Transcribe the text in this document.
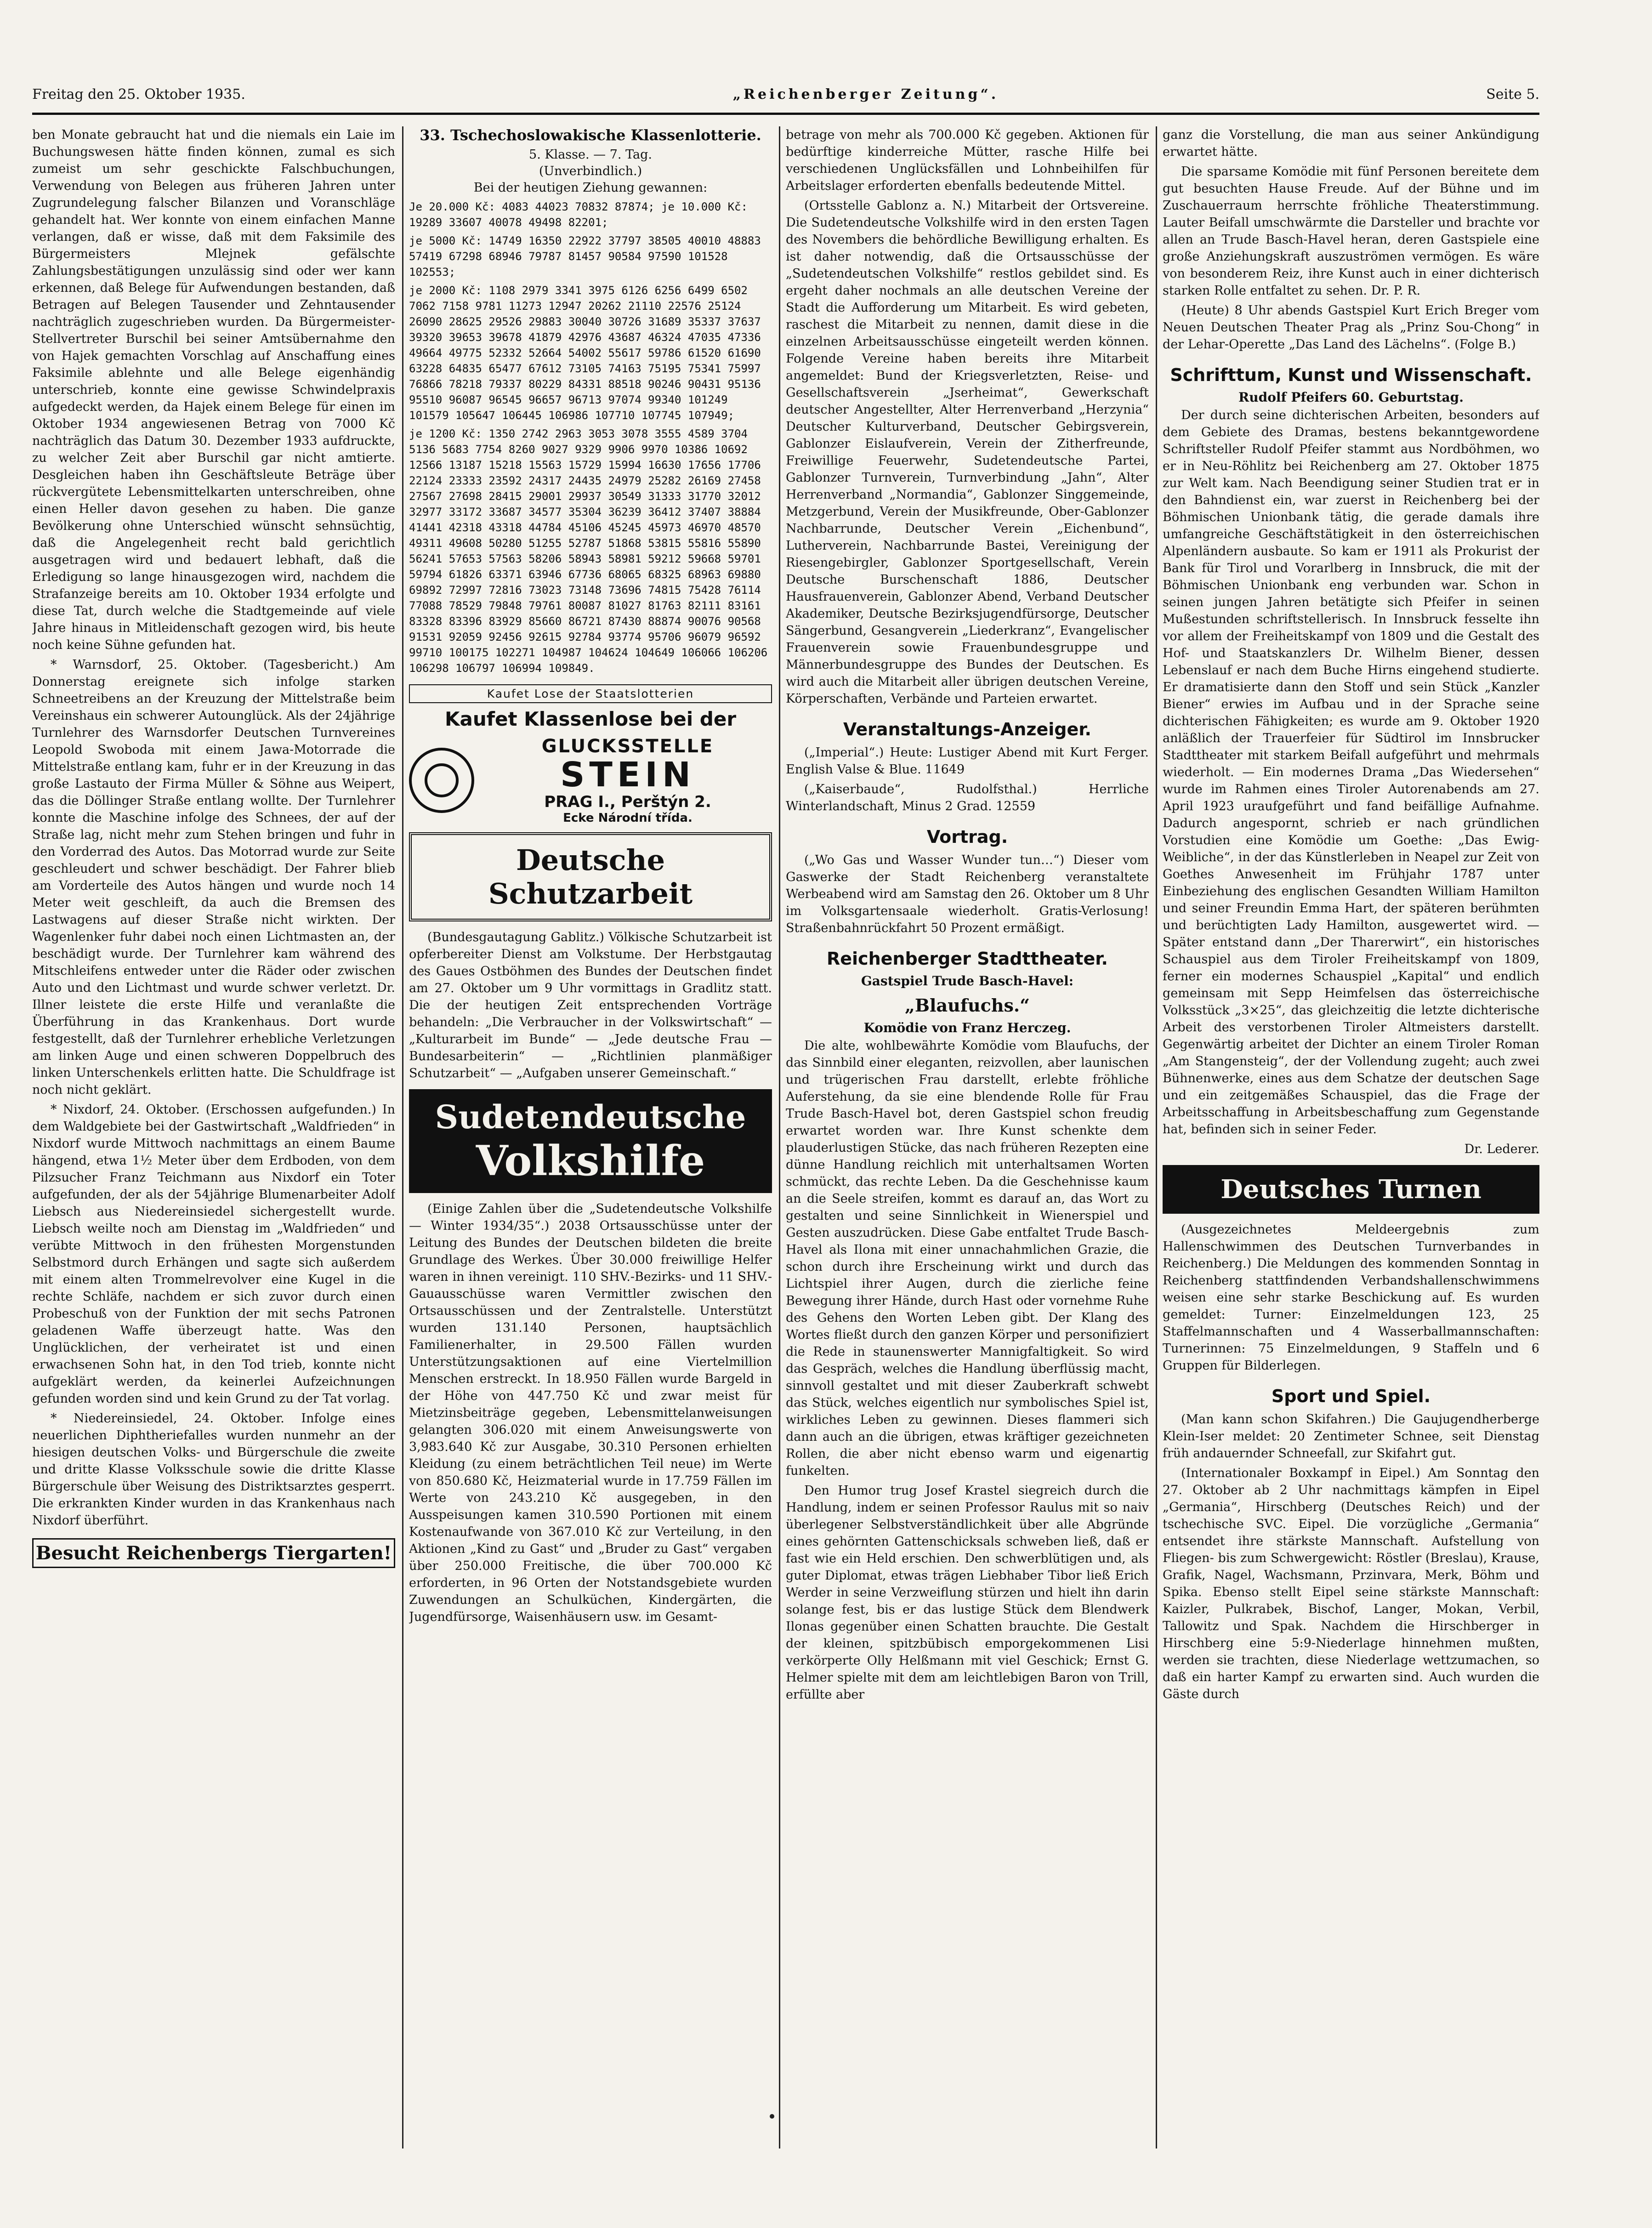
Freitag den 25. Oktober 1935.	„Reichenberger Zeitung“.	Seite 5.

ben Monate gebraucht hat und die niemals ein Laie im Buchungswesen hätte finden können, zumal es sich zumeist um sehr geschickte Falschbuchungen, Verwendung von Belegen aus früheren Jahren unter Zugrundelegung falscher Bilanzen und Voranschläge gehandelt hat. Wer konnte von einem einfachen Manne verlangen, daß er wisse, daß mit dem Faksimile des Bürgermeisters Mlejnek gefälschte Zahlungsbestätigungen unzulässig sind oder wer kann erkennen, daß Belege für Aufwendungen bestanden, daß Betragen auf Belegen Tausender und Zehntausender nachträglich zugeschrieben wurden. Da Bürgermeister-Stellvertreter Burschil bei seiner Amtsübernahme den von Hajek gemachten Vorschlag auf Anschaffung eines Faksimile ablehnte und alle Belege eigenhändig unterschrieb, konnte eine gewisse Schwindelpraxis aufgedeckt werden, da Hajek einem Belege für einen im Oktober 1934 angewiesenen Betrag von 7000 Kč nachträglich das Datum 30. Dezember 1933 aufdruckte, zu welcher Zeit aber Burschil gar nicht amtierte. Desgleichen haben ihn Geschäftsleute Beträge über rückvergütete Lebensmittelkarten unterschreiben, ohne einen Heller davon gesehen zu haben. Die ganze Bevölkerung ohne Unterschied wünscht sehnsüchtig, daß die Angelegenheit recht bald gerichtlich ausgetragen wird und bedauert lebhaft, daß die Erledigung so lange hinausgezogen wird, nachdem die Strafanzeige bereits am 10. Oktober 1934 erfolgte und diese Tat, durch welche die Stadtgemeinde auf viele Jahre hinaus in Mitleidenschaft gezogen wird, bis heute noch keine Sühne gefunden hat.

* Warnsdorf, 25. Oktober. (Tagesbericht.) Am Donnerstag ereignete sich infolge starken Schneetreibens an der Kreuzung der Mittelstraße beim Vereinshaus ein schwerer Autounglück. Als der 24jährige Turnlehrer des Warnsdorfer Deutschen Turnvereines Leopold Swoboda mit einem Jawa-Motorrade die Mittelstraße entlang kam, fuhr er in der Kreuzung in das große Lastauto der Firma Müller & Söhne aus Weipert, das die Döllinger Straße entlang wollte. Der Turnlehrer konnte die Maschine infolge des Schnees, der auf der Straße lag, nicht mehr zum Stehen bringen und fuhr in den Vorderrad des Autos. Das Motorrad wurde zur Seite geschleudert und schwer beschädigt. Der Fahrer blieb am Vorderteile des Autos hängen und wurde noch 14 Meter weit geschleift, da auch die Bremsen des Lastwagens auf dieser Straße nicht wirkten. Der Wagenlenker fuhr dabei noch einen Lichtmasten an, der beschädigt wurde. Der Turnlehrer kam während des Mitschleifens entweder unter die Räder oder zwischen Auto und den Lichtmast und wurde schwer verletzt. Dr. Illner leistete die erste Hilfe und veranlaßte die Überführung in das Krankenhaus. Dort wurde festgestellt, daß der Turnlehrer erhebliche Verletzungen am linken Auge und einen schweren Doppelbruch des linken Unterschenkels erlitten hatte. Die Schuldfrage ist noch nicht geklärt.

* Nixdorf, 24. Oktober. (Erschossen aufgefunden.) In dem Waldgebiete bei der Gastwirtschaft „Waldfrieden“ in Nixdorf wurde Mittwoch nachmittags an einem Baume hängend, etwa 1½ Meter über dem Erdboden, von dem Pilzsucher Franz Teichmann aus Nixdorf ein Toter aufgefunden, der als der 54jährige Blumenarbeiter Adolf Liebsch aus Niedereinsiedel sichergestellt wurde. Liebsch weilte noch am Dienstag im „Waldfrieden“ und verübte Mittwoch in den frühesten Morgenstunden Selbstmord durch Erhängen und sagte sich außerdem mit einem alten Trommelrevolver eine Kugel in die rechte Schläfe, nachdem er sich zuvor durch einen Probeschuß von der Funktion der mit sechs Patronen geladenen Waffe überzeugt hatte. Was den Unglücklichen, der verheiratet ist und einen erwachsenen Sohn hat, in den Tod trieb, konnte nicht aufgeklärt werden, da keinerlei Aufzeichnungen gefunden worden sind und kein Grund zu der Tat vorlag.

* Niedereinsiedel, 24. Oktober. Infolge eines neuerlichen Diphtheriefalles wurden nunmehr an der hiesigen deutschen Volks- und Bürgerschule die zweite und dritte Klasse Volksschule sowie die dritte Klasse Bürgerschule über Weisung des Distriktsarztes gesperrt. Die erkrankten Kinder wurden in das Krankenhaus nach Nixdorf überführt.

Besucht Reichenbergs Tiergarten!
33. Tschechoslowakische Klassenlotterie.
5. Klasse. — 7. Tag.
(Unverbindlich.)
Bei der heutigen Ziehung gewannen:
Je 20.000 Kč: 4083 44023 70832 87874; je 10.000 Kč: 19289 33607 40078 49498 82201;
je 5000 Kč: 14749 16350 22922 37797 38505 40010 48883 57419 67298 68946 79787 81457 90584 97590 101528 102553;
je 2000 Kč: 1108 2979 3341 3975 6126 6256 6499 6502 7062 7158 9781 11273 12947 20262 21110 22576 25124 26090 28625 29526 29883 30040 30726 31689 35337 37637 39320 39653 39678 41879 42976 43687 46324 47035 47336 49664 49775 52332 52664 54002 55617 59786 61520 61690 63228 64835 65477 67612 73105 74163 75195 75341 75997 76866 78218 79337 80229 84331 88518 90246 90431 95136 95510 96087 96545 96657 96713 97074 99340 101249 101579 105647 106445 106986 107710 107745 107949;
je 1200 Kč: 1350 2742 2963 3053 3078 3555 4589 3704 5136 5683 7754 8260 9027 9329 9906 9970 10386 10692 12566 13187 15218 15563 15729 15994 16630 17656 17706 22124 23333 23592 24317 24435 24979 25282 26169 27458 27567 27698 28415 29001 29937 30549 31333 31770 32012 32977 33172 33687 34577 35304 36239 36412 37407 38884 41441 42318 43318 44784 45106 45245 45973 46970 48570 49311 49608 50280 51255 52787 51868 53815 55816 55890 56241 57653 57563 58206 58943 58981 59212 59668 59701 59794 61826 63371 63946 67736 68065 68325 68963 69880 69892 72997 72816 73023 73148 73696 74815 75428 76114 77088 78529 79848 79761 80087 81027 81763 82111 83161 83328 83396 83929 85660 86721 87430 88874 90076 90568 91531 92059 92456 92615 92784 93774 95706 96079 96592 99710 100175 102271 104987 104624 104649 106066 106206 106298 106797 106994 109849.
Kaufet Lose der Staatslotterien
Kaufet Klassenlose bei der
GLUCKSSTELLE
STEIN
PRAG I., Perštýn 2.
Ecke Národní třída.
Deutsche Schutzarbeit

(Bundesgautagung Gablitz.) Völkische Schutzarbeit ist opferbereiter Dienst am Volkstume. Der Herbstgautag des Gaues Ostböhmen des Bundes der Deutschen findet am 27. Oktober um 9 Uhr vormittags in Gradlitz statt. Die der heutigen Zeit entsprechenden Vorträge behandeln: „Die Verbraucher in der Volkswirtschaft“ — „Kulturarbeit im Bunde“ — „Jede deutsche Frau — Bundesarbeiterin“ — „Richtlinien planmäßiger Schutzarbeit“ — „Aufgaben unserer Gemeinschaft.“

Sudetendeutsche
Volkshilfe

(Einige Zahlen über die „Sudetendeutsche Volkshilfe — Winter 1934/35“.) 2038 Ortsausschüsse unter der Leitung des Bundes der Deutschen bildeten die breite Grundlage des Werkes. Über 30.000 freiwillige Helfer waren in ihnen vereinigt. 110 SHV.-Bezirks- und 11 SHV.-Gauausschüsse waren Vermittler zwischen den Ortsausschüssen und der Zentralstelle. Unterstützt wurden 131.140 Personen, hauptsächlich Familienerhalter, in 29.500 Fällen wurden Unterstützungsaktionen auf eine Viertelmillion Menschen erstreckt. In 18.950 Fällen wurde Bargeld in der Höhe von 447.750 Kč und zwar meist für Mietzinsbeiträge gegeben, Lebensmittelanweisungen gelangten 306.020 mit einem Anweisungswerte von 3,983.640 Kč zur Ausgabe, 30.310 Personen erhielten Kleidung (zu einem beträchtlichen Teil neue) im Werte von 850.680 Kč, Heizmaterial wurde in 17.759 Fällen im Werte von 243.210 Kč ausgegeben, in den Ausspeisungen kamen 310.590 Portionen mit einem Kostenaufwande von 367.010 Kč zur Verteilung, in den Aktionen „Kind zu Gast“ und „Bruder zu Gast“ vergaben über 250.000 Freitische, die über 700.000 Kč erforderten, in 96 Orten der Notstandsgebiete wurden Zuwendungen an Schulküchen, Kindergärten, die Jugendfürsorge, Waisenhäusern usw. im Gesamt-

betrage von mehr als 700.000 Kč gegeben. Aktionen für bedürftige kinderreiche Mütter, rasche Hilfe bei verschiedenen Unglücksfällen und Lohnbeihilfen für Arbeitslager erforderten ebenfalls bedeutende Mittel.

(Ortsstelle Gablonz a. N.) Mitarbeit der Ortsvereine. Die Sudetendeutsche Volkshilfe wird in den ersten Tagen des Novembers die behördliche Bewilligung erhalten. Es ist daher notwendig, daß die Ortsausschüsse der „Sudetendeutschen Volkshilfe“ restlos gebildet sind. Es ergeht daher nochmals an alle deutschen Vereine der Stadt die Aufforderung um Mitarbeit. Es wird gebeten, raschest die Mitarbeit zu nennen, damit diese in die einzelnen Arbeitsausschüsse eingeteilt werden können. Folgende Vereine haben bereits ihre Mitarbeit angemeldet: Bund der Kriegsverletzten, Reise- und Gesellschaftsverein „Jserheimat“, Gewerkschaft deutscher Angestellter, Alter Herrenverband „Herzynia“ Deutscher Kulturverband, Deutscher Gebirgsverein, Gablonzer Eislaufverein, Verein der Zitherfreunde, Freiwillige Feuerwehr, Sudetendeutsche Partei, Gablonzer Turnverein, Turnverbindung „Jahn“, Alter Herrenverband „Normandia“, Gablonzer Singgemeinde, Metzgerbund, Verein der Musikfreunde, Ober-Gablonzer Nachbarrunde, Deutscher Verein „Eichenbund“, Lutherverein, Nachbarrunde Bastei, Vereinigung der Riesengebirgler, Gablonzer Sportgesellschaft, Verein Deutsche Burschenschaft 1886, Deutscher Hausfrauenverein, Gablonzer Abend, Verband Deutscher Akademiker, Deutsche Bezirksjugendfürsorge, Deutscher Sängerbund, Gesangverein „Liederkranz“, Evangelischer Frauenverein sowie Frauenbundesgruppe und Männerbundesgruppe des Bundes der Deutschen. Es wird auch die Mitarbeit aller übrigen deutschen Vereine, Körperschaften, Verbände und Parteien erwartet.

Veranstaltungs-Anzeiger.

(„Imperial“.) Heute: Lustiger Abend mit Kurt Ferger. English Valse & Blue. 11649

(„Kaiserbaude“, Rudolfsthal.) Herrliche Winterlandschaft, Minus 2 Grad. 12559

Vortrag.

(„Wo Gas und Wasser Wunder tun…“) Dieser vom Gaswerke der Stadt Reichenberg veranstaltete Werbeabend wird am Samstag den 26. Oktober um 8 Uhr im Volksgartensaale wiederholt. Gratis-Verlosung! Straßenbahnrückfahrt 50 Prozent ermäßigt.

Reichenberger Stadttheater.
Gastspiel Trude Basch-Havel:
„Blaufuchs.“
Komödie von Franz Herczeg.

Die alte, wohlbewährte Komödie vom Blaufuchs, der das Sinnbild einer eleganten, reizvollen, aber launischen und trügerischen Frau darstellt, erlebte fröhliche Auferstehung, da sie eine blendende Rolle für Frau Trude Basch-Havel bot, deren Gastspiel schon freudig erwartet worden war. Ihre Kunst schenkte dem plauderlustigen Stücke, das nach früheren Rezepten eine dünne Handlung reichlich mit unterhaltsamen Worten schmückt, das rechte Leben. Da die Geschehnisse kaum an die Seele streifen, kommt es darauf an, das Wort zu gestalten und seine Sinnlichkeit in Wienerspiel und Gesten auszudrücken. Diese Gabe entfaltet Trude Basch-Havel als Ilona mit einer unnachahmlichen Grazie, die schon durch ihre Erscheinung wirkt und durch das Lichtspiel ihrer Augen, durch die zierliche feine Bewegung ihrer Hände, durch Hast oder vornehme Ruhe des Gehens den Worten Leben gibt. Der Klang des Wortes fließt durch den ganzen Körper und personifiziert die Rede in staunenswerter Mannigfaltigkeit. So wird das Gespräch, welches die Handlung überflüssig macht, sinnvoll gestaltet und mit dieser Zauberkraft schwebt das Stück, welches eigentlich nur symbolisches Spiel ist, wirkliches Leben zu gewinnen. Dieses flammeri sich dann auch an die übrigen, etwas kräftiger gezeichneten Rollen, die aber nicht ebenso warm und eigenartig funkelten.

Den Humor trug Josef Krastel siegreich durch die Handlung, indem er seinen Professor Raulus mit so naiv überlegener Selbstverständlichkeit über alle Abgründe eines gehörnten Gattenschicksals schweben ließ, daß er fast wie ein Held erschien. Den schwerblütigen und, als guter Diplomat, etwas trägen Liebhaber Tibor ließ Erich Werder in seine Verzweiflung stürzen und hielt ihn darin solange fest, bis er das lustige Stück dem Blendwerk Ilonas gegenüber einen Schatten brauchte. Die Gestalt der kleinen, spitzbübisch emporgekommenen Lisi verkörperte Olly Helßmann mit viel Geschick; Ernst G. Helmer spielte mit dem am leichtlebigen Baron von Trill, erfüllte aber

ganz die Vorstellung, die man aus seiner Ankündigung erwartet hätte.

Die sparsame Komödie mit fünf Personen bereitete dem gut besuchten Hause Freude. Auf der Bühne und im Zuschauerraum herrschte fröhliche Theaterstimmung. Lauter Beifall umschwärmte die Darsteller und brachte vor allen an Trude Basch-Havel heran, deren Gastspiele eine große Anziehungskraft auszuströmen vermögen. Es wäre von besonderem Reiz, ihre Kunst auch in einer dichterisch starken Rolle entfaltet zu sehen. Dr. P. R.

(Heute) 8 Uhr abends Gastspiel Kurt Erich Breger vom Neuen Deutschen Theater Prag als „Prinz Sou-Chong“ in der Lehar-Operette „Das Land des Lächelns“. (Folge B.)

Schrifttum, Kunst und Wissenschaft.
Rudolf Pfeifers 60. Geburtstag.

Der durch seine dichterischen Arbeiten, besonders auf dem Gebiete des Dramas, bestens bekanntgewordene Schriftsteller Rudolf Pfeifer stammt aus Nordböhmen, wo er in Neu-Röhlitz bei Reichenberg am 27. Oktober 1875 zur Welt kam. Nach Beendigung seiner Studien trat er in den Bahndienst ein, war zuerst in Reichenberg bei der Böhmischen Unionbank tätig, die gerade damals ihre umfangreiche Geschäftstätigkeit in den österreichischen Alpenländern ausbaute. So kam er 1911 als Prokurist der Bank für Tirol und Vorarlberg in Innsbruck, die mit der Böhmischen Unionbank eng verbunden war. Schon in seinen jungen Jahren betätigte sich Pfeifer in seinen Mußestunden schriftstellerisch. In Innsbruck fesselte ihn vor allem der Freiheitskampf von 1809 und die Gestalt des Hof- und Staatskanzlers Dr. Wilhelm Biener, dessen Lebenslauf er nach dem Buche Hirns eingehend studierte. Er dramatisierte dann den Stoff und sein Stück „Kanzler Biener“ erwies im Aufbau und in der Sprache seine dichterischen Fähigkeiten; es wurde am 9. Oktober 1920 anläßlich der Trauerfeier für Südtirol im Innsbrucker Stadttheater mit starkem Beifall aufgeführt und mehrmals wiederholt. — Ein modernes Drama „Das Wiedersehen“ wurde im Rahmen eines Tiroler Autorenabends am 27. April 1923 uraufgeführt und fand beifällige Aufnahme. Dadurch angespornt, schrieb er nach gründlichen Vorstudien eine Komödie um Goethe: „Das Ewig-Weibliche“, in der das Künstlerleben in Neapel zur Zeit von Goethes Anwesenheit im Frühjahr 1787 unter Einbeziehung des englischen Gesandten William Hamilton und seiner Freundin Emma Hart, der späteren berühmten und berüchtigten Lady Hamilton, ausgewertet wird. — Später entstand dann „Der Tharerwirt“, ein historisches Schauspiel aus dem Tiroler Freiheitskampf von 1809, ferner ein modernes Schauspiel „Kapital“ und endlich gemeinsam mit Sepp Heimfelsen das österreichische Volksstück „3×25“, das gleichzeitig die letzte dichterische Arbeit des verstorbenen Tiroler Altmeisters darstellt. Gegenwärtig arbeitet der Dichter an einem Tiroler Roman „Am Stangensteig“, der der Vollendung zugeht; auch zwei Bühnenwerke, eines aus dem Schatze der deutschen Sage und ein zeitgemäßes Schauspiel, das die Frage der Arbeitsschaffung in Arbeitsbeschaffung zum Gegenstande hat, befinden sich in seiner Feder.

Dr. Lederer.

Deutsches Turnen

(Ausgezeichnetes Meldeergebnis zum Hallenschwimmen des Deutschen Turnverbandes in Reichenberg.) Die Meldungen des kommenden Sonntag in Reichenberg stattfindenden Verbandshallenschwimmens weisen eine sehr starke Beschickung auf. Es wurden gemeldet: Turner: Einzelmeldungen 123, 25 Staffelmannschaften und 4 Wasserballmannschaften: Turnerinnen: 75 Einzelmeldungen, 9 Staffeln und 6 Gruppen für Bilderlegen.

Sport und Spiel.

(Man kann schon Skifahren.) Die Gaujugendherberge Klein-Iser meldet: 20 Zentimeter Schnee, seit Dienstag früh andauernder Schneefall, zur Skifahrt gut.

(Internationaler Boxkampf in Eipel.) Am Sonntag den 27. Oktober ab 2 Uhr nachmittags kämpfen in Eipel „Germania“, Hirschberg (Deutsches Reich) und der tschechische SVC. Eipel. Die vorzügliche „Germania“ entsendet ihre stärkste Mannschaft. Aufstellung von Fliegen- bis zum Schwergewicht: Röstler (Breslau), Krause, Grafik, Nagel, Wachsmann, Przinvara, Merk, Böhm und Spika. Ebenso stellt Eipel seine stärkste Mannschaft: Kaizler, Pulkrabek, Bischof, Langer, Mokan, Verbil, Tallowitz und Spak. Nachdem die Hirschberger in Hirschberg eine 5:9-Niederlage hinnehmen mußten, werden sie trachten, diese Niederlage wettzumachen, so daß ein harter Kampf zu erwarten sind. Auch wurden die Gäste durch
